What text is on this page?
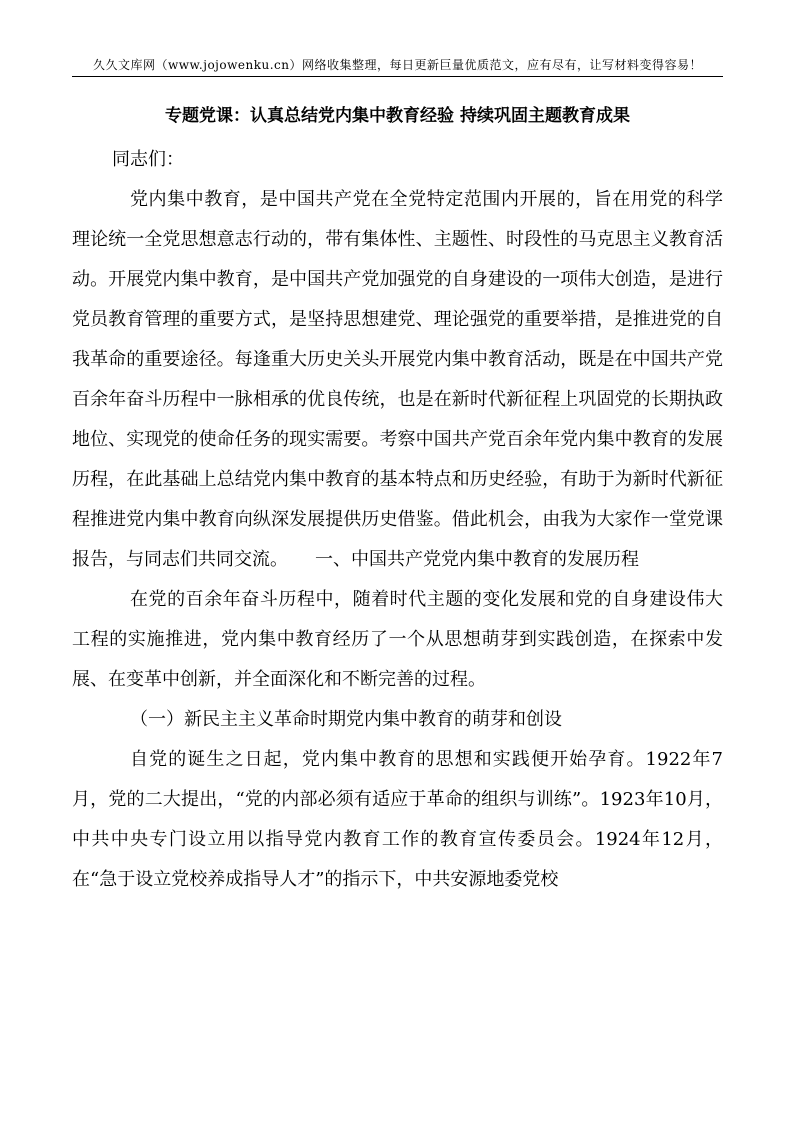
久久文库网（www.jojowenku.cn）网络收集整理，每日更新巨量优质范文，应有尽有，让写材料变得容易！
专题党课：认真总结党内集中教育经验 持续巩固主题教育成果

同志们：

党内集中教育，是中国共产党在全党特定范围内开展的，旨在用党的科学理论统一全党思想意志行动的，带有集体性、主题性、时段性的马克思主义教育活动。开展党内集中教育，是中国共产党加强党的自身建设的一项伟大创造，是进行党员教育管理的重要方式，是坚持思想建党、理论强党的重要举措，是推进党的自我革命的重要途径。每逢重大历史关头开展党内集中教育活动，既是在中国共产党百余年奋斗历程中一脉相承的优良传统，也是在新时代新征程上巩固党的长期执政地位、实现党的使命任务的现实需要。考察中国共产党百余年党内集中教育的发展历程，在此基础上总结党内集中教育的基本特点和历史经验，有助于为新时代新征程推进党内集中教育向纵深发展提供历史借鉴。借此机会，由我为大家作一堂党课报告，与同志们共同交流。　　一、中国共产党党内集中教育的发展历程

在党的百余年奋斗历程中，随着时代主题的变化发展和党的自身建设伟大工程的实施推进，党内集中教育经历了一个从思想萌芽到实践创造，在探索中发展、在变革中创新，并全面深化和不断完善的过程。

（一）新民主主义革命时期党内集中教育的萌芽和创设

自党的诞生之日起，党内集中教育的思想和实践便开始孕育。1922年7月，党的二大提出，“党的内部必须有适应于革命的组织与训练”。1923年10月，中共中央专门设立用以指导党内教育工作的教育宣传委员会。1924年12月，在“急于设立党校养成指导人才”的指示下，中共安源地委党校
